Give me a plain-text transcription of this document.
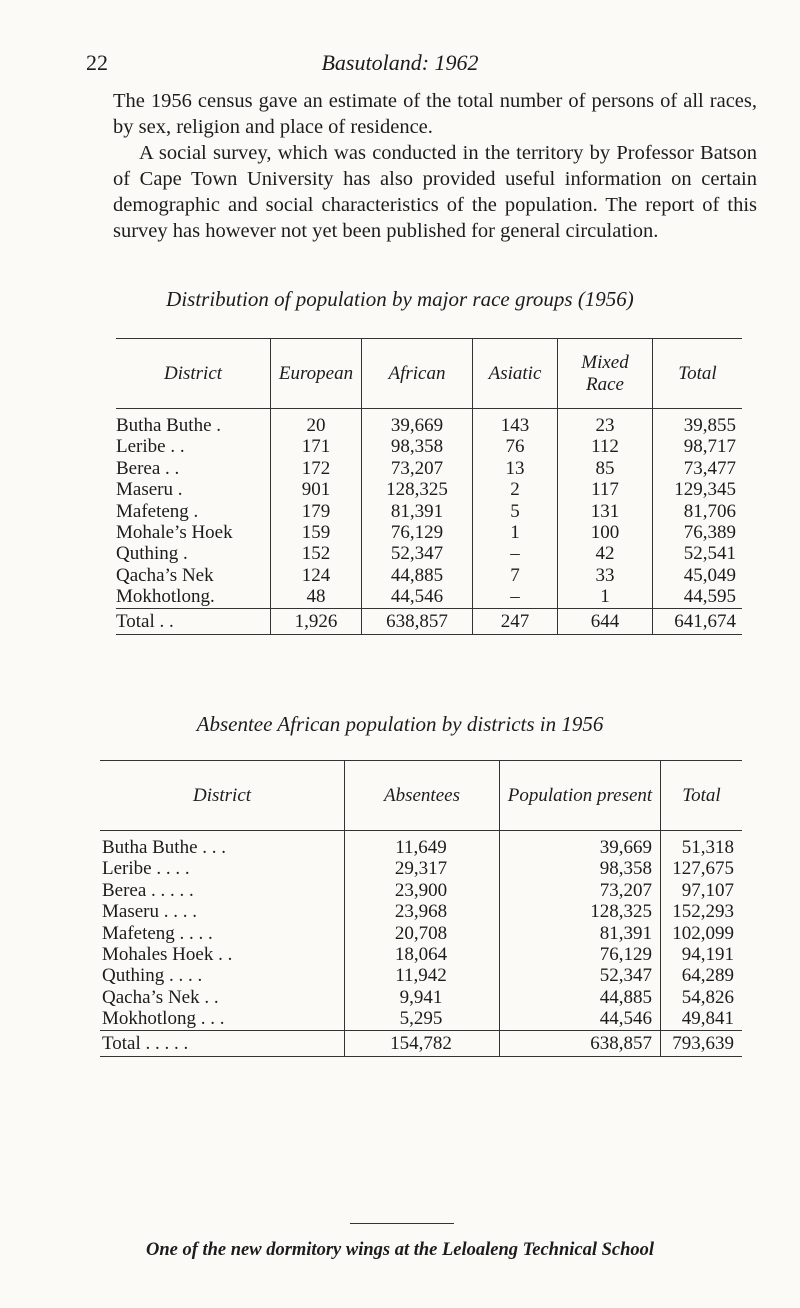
22	Basutoland: 1962

The 1956 census gave an estimate of the total number of persons of all races, by sex, religion and place of residence.

A social survey, which was conducted in the territory by Professor Batson of Cape Town University has also provided useful information on certain demographic and social characteristics of the population. The report of this survey has however not yet been published for general circulation.

Distribution of population by major race groups (1956)
District	European	African	Asiatic	Mixed Race	Total
Butha Buthe .	20	39,669	143	23	39,855
Leribe . .	171	98,358	76	112	98,717
Berea . .	172	73,207	13	85	73,477
Maseru .	901	128,325	2	117	129,345
Mafeteng .	179	81,391	5	131	81,706
Mohale’s Hoek	159	76,129	1	100	76,389
Quthing .	152	52,347	–	42	52,541
Qacha’s Nek	124	44,885	7	33	45,049
Mokhotlong.	48	44,546	–	1	44,595
Total . .	1,926	638,857	247	644	641,674
Absentee African population by districts in 1956
District	Absentees	Population present	Total
Butha Buthe . . .	11,649	39,669	51,318
Leribe . . . .	29,317	98,358	127,675
Berea . . . . .	23,900	73,207	97,107
Maseru . . . .	23,968	128,325	152,293
Mafeteng . . . .	20,708	81,391	102,099
Mohales Hoek . .	18,064	76,129	94,191
Quthing . . . .	11,942	52,347	64,289
Qacha’s Nek . .	9,941	44,885	54,826
Mokhotlong . . .	5,295	44,546	49,841
Total . . . . .	154,782	638,857	793,639
One of the new dormitory wings at the Leloaleng Technical School
